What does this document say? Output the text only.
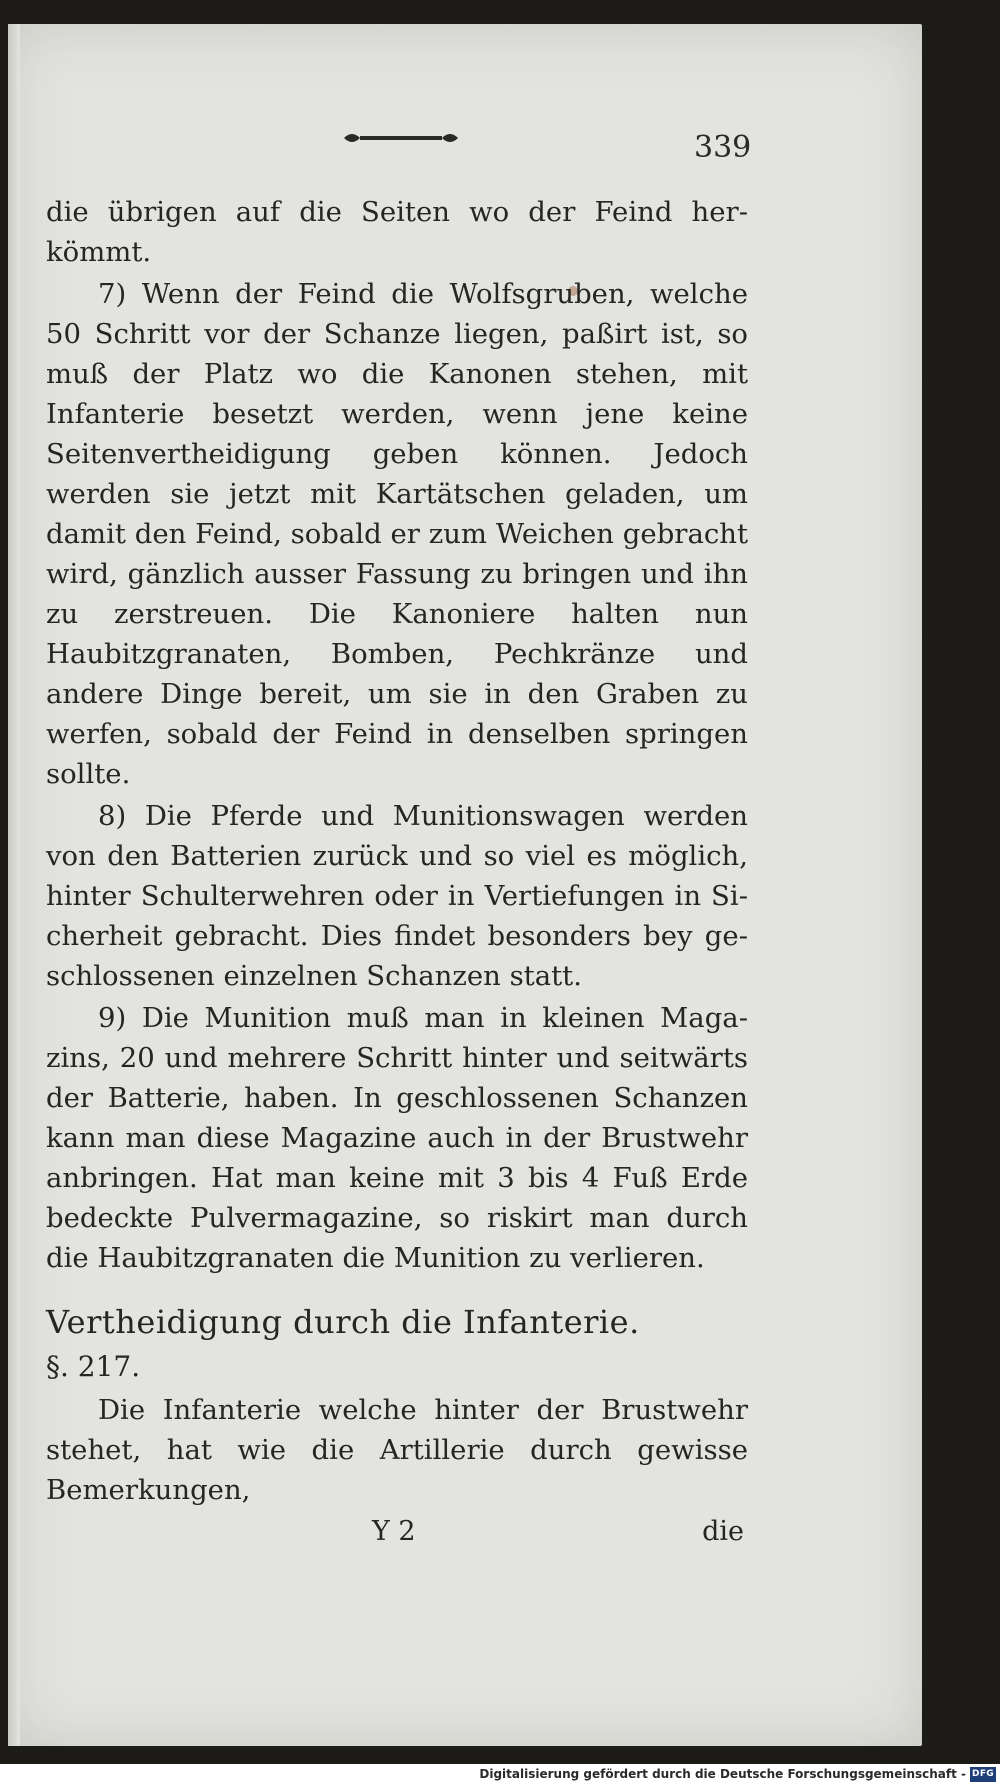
339

die übrigen auf die Seiten wo der Feind herkömmt.

7) Wenn der Feind die Wolfsgruben, welche 50 Schritt vor der Schanze liegen, paßirt ist, so muß der Platz wo die Kanonen stehen, mit Infanterie besetzt werden, wenn jene keine Seitenvertheidigung geben können. Jedoch werden sie jetzt mit Kartätschen geladen, um damit den Feind, sobald er zum Weichen gebracht wird, gänzlich ausser Fassung zu bringen und ihn zu zerstreuen. Die Kanoniere halten nun Haubitzgranaten, Bomben, Pechkränze und andere Dinge bereit, um sie in den Graben zu werfen, sobald der Feind in denselben springen sollte.

8) Die Pferde und Munitionswagen werden von den Batterien zurück und so viel es möglich, hinter Schulterwehren oder in Vertiefungen in Sicherheit gebracht. Dies findet besonders bey geschlossenen einzelnen Schanzen statt.

9) Die Munition muß man in kleinen Magazins, 20 und mehrere Schritt hinter und seitwärts der Batterie, haben. In geschlossenen Schanzen kann man diese Magazine auch in der Brustwehr anbringen. Hat man keine mit 3 bis 4 Fuß Erde bedeckte Pulvermagazine, so riskirt man durch die Haubitzgranaten die Munition zu verlieren.

Vertheidigung durch die Infanterie.

§. 217.

Die Infanterie welche hinter der Brustwehr stehet, hat wie die Artillerie durch gewisse Bemerkungen,

Y 2	die
Digitalisierung gefördert durch die Deutsche Forschungsgemeinschaft - DFG
